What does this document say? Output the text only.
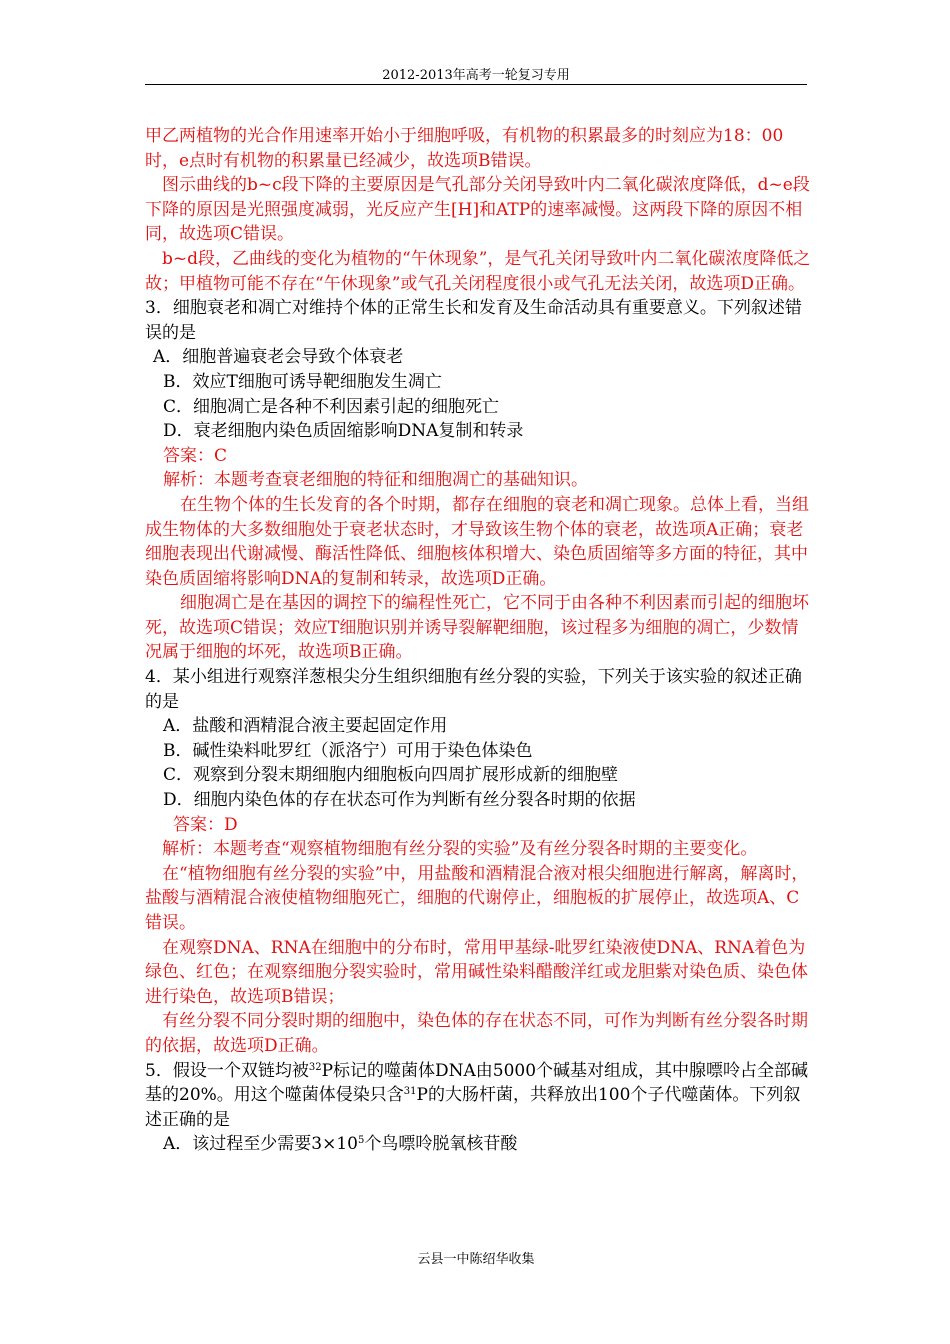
2012-2013年高考一轮复习专用

甲乙两植物的光合作用速率开始小于细胞呼吸，有机物的积累最多的时刻应为18：00时，e点时有机物的积累量已经减少，故选项B错误。

图示曲线的b~c段下降的主要原因是气孔部分关闭导致叶内二氧化碳浓度降低，d~e段下降的原因是光照强度减弱，光反应产生[H]和ATP的速率减慢。这两段下降的原因不相同，故选项C错误。

b~d段，乙曲线的变化为植物的“午休现象”，是气孔关闭导致叶内二氧化碳浓度降低之故；甲植物可能不存在“午休现象”或气孔关闭程度很小或气孔无法关闭，故选项D正确。

3．细胞衰老和凋亡对维持个体的正常生长和发育及生命活动具有重要意义。下列叙述错误的是

A．细胞普遍衰老会导致个体衰老

B．效应T细胞可诱导靶细胞发生凋亡

C．细胞凋亡是各种不利因素引起的细胞死亡

D．衰老细胞内染色质固缩影响DNA复制和转录

答案：C

解析：本题考查衰老细胞的特征和细胞凋亡的基础知识。

在生物个体的生长发育的各个时期，都存在细胞的衰老和凋亡现象。总体上看，当组成生物体的大多数细胞处于衰老状态时，才导致该生物个体的衰老，故选项A正确；衰老细胞表现出代谢减慢、酶活性降低、细胞核体积增大、染色质固缩等多方面的特征，其中染色质固缩将影响DNA的复制和转录，故选项D正确。

细胞凋亡是在基因的调控下的编程性死亡，它不同于由各种不利因素而引起的细胞坏死，故选项C错误；效应T细胞识别并诱导裂解靶细胞，该过程多为细胞的凋亡，少数情况属于细胞的坏死，故选项B正确。

4．某小组进行观察洋葱根尖分生组织细胞有丝分裂的实验，下列关于该实验的叙述正确的是

A．盐酸和酒精混合液主要起固定作用

B．碱性染料吡罗红（派洛宁）可用于染色体染色

C．观察到分裂末期细胞内细胞板向四周扩展形成新的细胞壁

D．细胞内染色体的存在状态可作为判断有丝分裂各时期的依据

答案：D

解析：本题考查“观察植物细胞有丝分裂的实验”及有丝分裂各时期的主要变化。

在“植物细胞有丝分裂的实验”中，用盐酸和酒精混合液对根尖细胞进行解离，解离时，盐酸与酒精混合液使植物细胞死亡，细胞的代谢停止，细胞板的扩展停止，故选项A、C错误。

在观察DNA、RNA在细胞中的分布时，常用甲基绿-吡罗红染液使DNA、RNA着色为绿色、红色；在观察细胞分裂实验时，常用碱性染料醋酸洋红或龙胆紫对染色质、染色体进行染色，故选项B错误；

有丝分裂不同分裂时期的细胞中，染色体的存在状态不同，可作为判断有丝分裂各时期的依据，故选项D正确。

5．假设一个双链均被$^{32}$P标记的噬菌体DNA由5000个碱基对组成，其中腺嘌呤占全部碱基的20%。用这个噬菌体侵染只含$^{31}$P的大肠杆菌，共释放出100个子代噬菌体。下列叙述正确的是

A．该过程至少需要$3\times 10^5$个鸟嘌呤脱氧核苷酸

云县一中陈绍华收集
